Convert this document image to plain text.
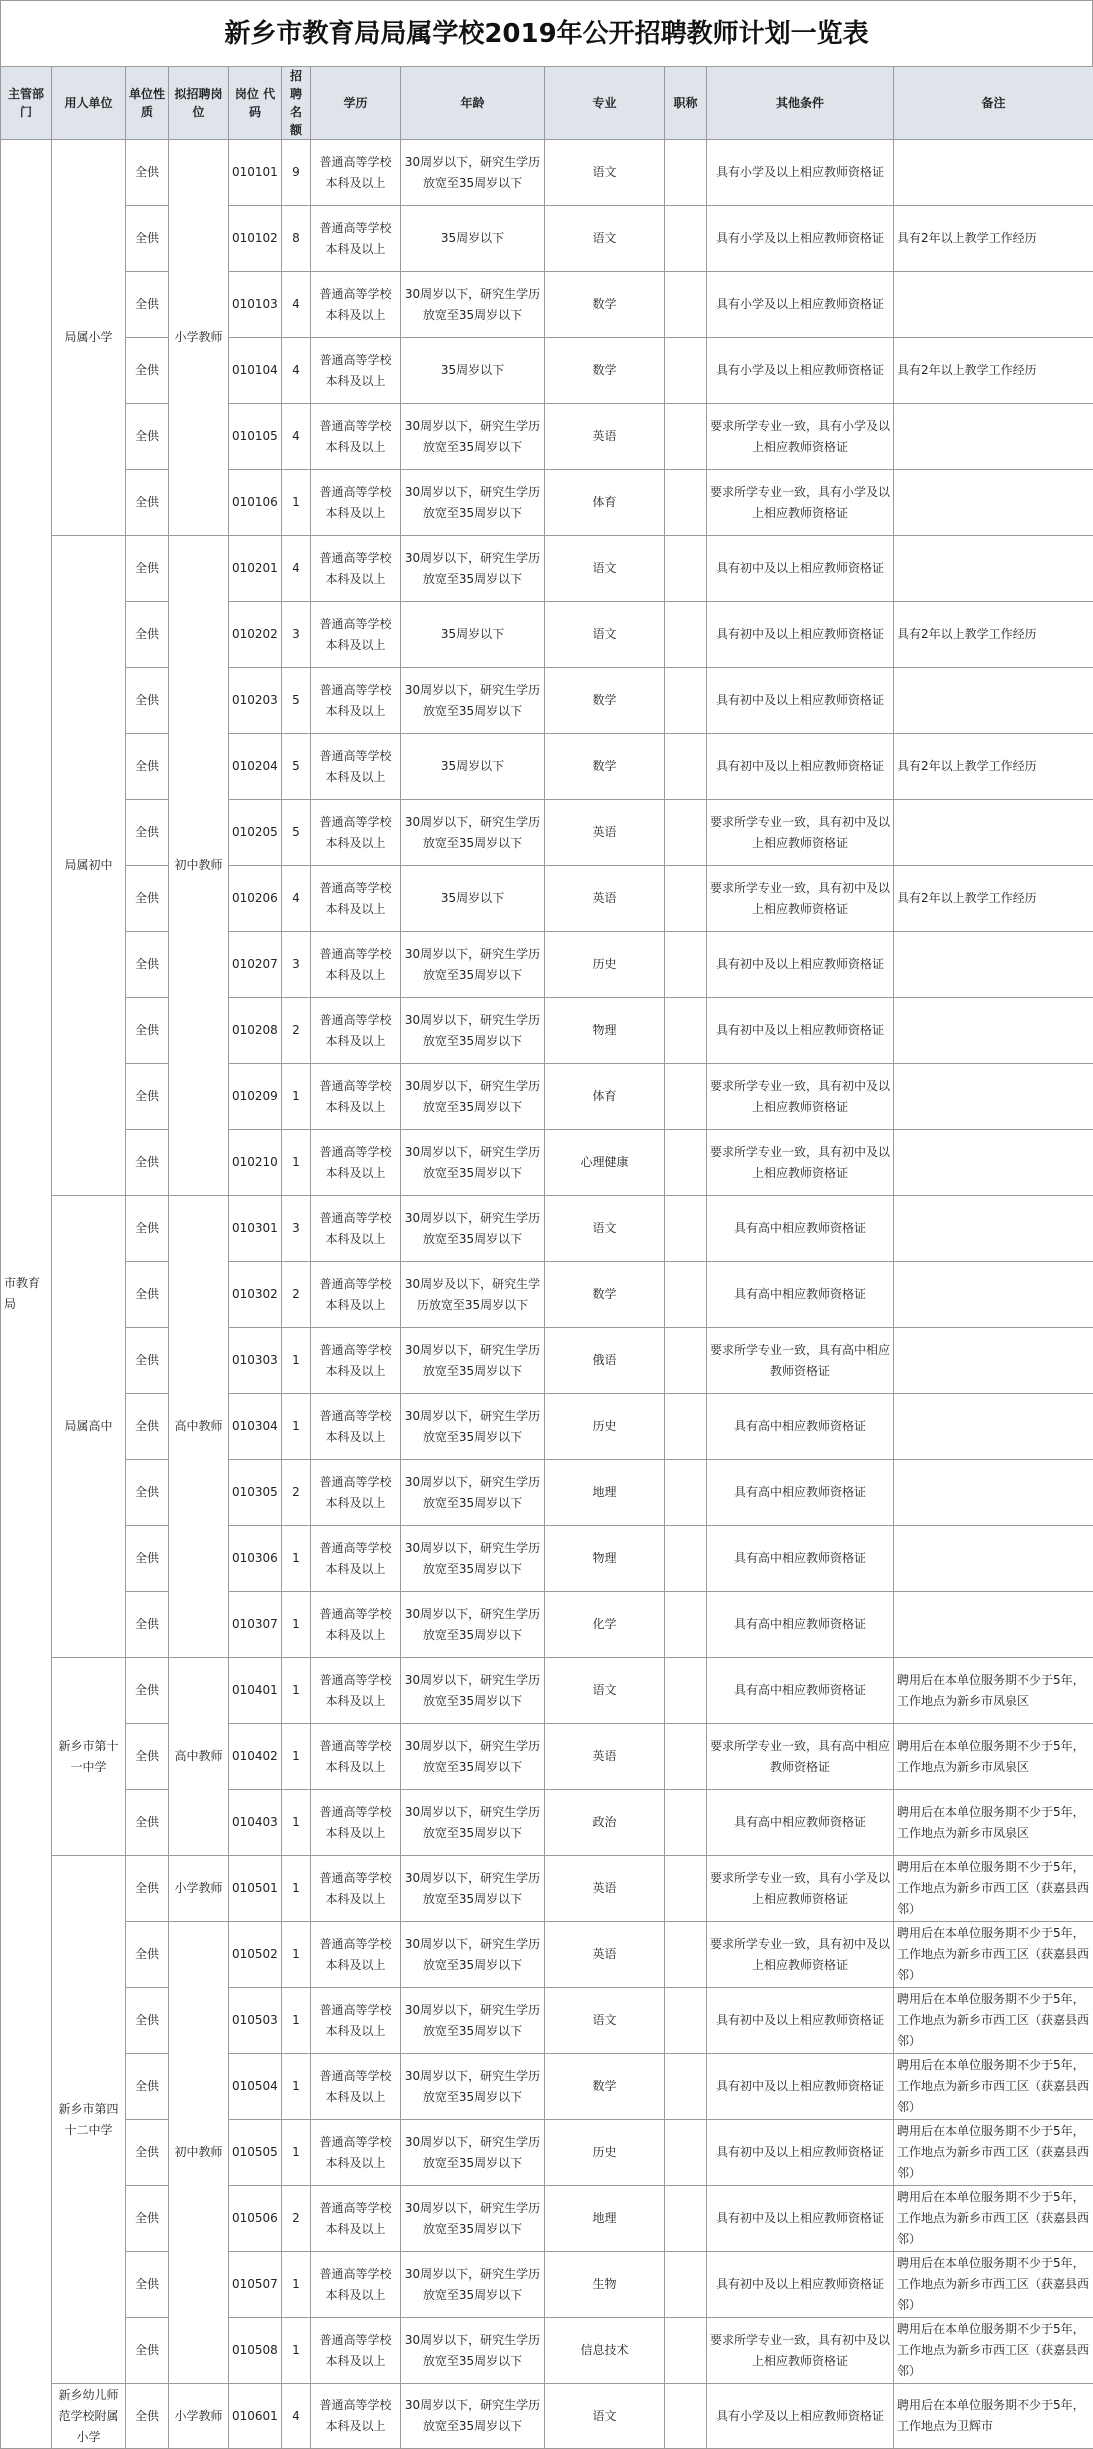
新乡市教育局局属学校2019年公开招聘教师计划一览表
主管部门	用人单位	单位性质	拟招聘岗位	岗位 代码	招聘名额	学历	年龄	专业	职称	其他条件	备注
市教育局	局属小学	全供	小学教师	010101	9	普通高等学校本科及以上	30周岁以下，研究生学历放宽至35周岁以下	语文		具有小学及以上相应教师资格证	
		全供		010102	8	普通高等学校本科及以上	35周岁以下	语文		具有小学及以上相应教师资格证	具有2年以上教学工作经历
		全供		010103	4	普通高等学校本科及以上	30周岁以下，研究生学历放宽至35周岁以下	数学		具有小学及以上相应教师资格证	
		全供		010104	4	普通高等学校本科及以上	35周岁以下	数学		具有小学及以上相应教师资格证	具有2年以上教学工作经历
		全供		010105	4	普通高等学校本科及以上	30周岁以下，研究生学历放宽至35周岁以下	英语		要求所学专业一致，具有小学及以上相应教师资格证	
		全供		010106	1	普通高等学校本科及以上	30周岁以下，研究生学历放宽至35周岁以下	体育		要求所学专业一致，具有小学及以上相应教师资格证	
	局属初中	全供	初中教师	010201	4	普通高等学校本科及以上	30周岁以下，研究生学历放宽至35周岁以下	语文		具有初中及以上相应教师资格证	
		全供		010202	3	普通高等学校本科及以上	35周岁以下	语文		具有初中及以上相应教师资格证	具有2年以上教学工作经历
		全供		010203	5	普通高等学校本科及以上	30周岁以下，研究生学历放宽至35周岁以下	数学		具有初中及以上相应教师资格证	
		全供		010204	5	普通高等学校本科及以上	35周岁以下	数学		具有初中及以上相应教师资格证	具有2年以上教学工作经历
		全供		010205	5	普通高等学校本科及以上	30周岁以下，研究生学历放宽至35周岁以下	英语		要求所学专业一致，具有初中及以上相应教师资格证	
		全供		010206	4	普通高等学校本科及以上	35周岁以下	英语		要求所学专业一致，具有初中及以上相应教师资格证	具有2年以上教学工作经历
		全供		010207	3	普通高等学校本科及以上	30周岁以下，研究生学历放宽至35周岁以下	历史		具有初中及以上相应教师资格证	
		全供		010208	2	普通高等学校本科及以上	30周岁以下，研究生学历放宽至35周岁以下	物理		具有初中及以上相应教师资格证	
		全供		010209	1	普通高等学校本科及以上	30周岁以下，研究生学历放宽至35周岁以下	体育		要求所学专业一致，具有初中及以上相应教师资格证	
		全供		010210	1	普通高等学校本科及以上	30周岁以下，研究生学历放宽至35周岁以下	心理健康		要求所学专业一致，具有初中及以上相应教师资格证	
	局属高中	全供	高中教师	010301	3	普通高等学校本科及以上	30周岁以下，研究生学历放宽至35周岁以下	语文		具有高中相应教师资格证	
		全供		010302	2	普通高等学校本科及以上	30周岁及以下，研究生学历放宽至35周岁以下	数学		具有高中相应教师资格证	
		全供		010303	1	普通高等学校本科及以上	30周岁以下，研究生学历放宽至35周岁以下	俄语		要求所学专业一致，具有高中相应教师资格证	
		全供		010304	1	普通高等学校本科及以上	30周岁以下，研究生学历放宽至35周岁以下	历史		具有高中相应教师资格证	
		全供		010305	2	普通高等学校本科及以上	30周岁以下，研究生学历放宽至35周岁以下	地理		具有高中相应教师资格证	
		全供		010306	1	普通高等学校本科及以上	30周岁以下，研究生学历放宽至35周岁以下	物理		具有高中相应教师资格证	
		全供		010307	1	普通高等学校本科及以上	30周岁以下，研究生学历放宽至35周岁以下	化学		具有高中相应教师资格证	
	新乡市第十一中学	全供	高中教师	010401	1	普通高等学校本科及以上	30周岁以下，研究生学历放宽至35周岁以下	语文		具有高中相应教师资格证	聘用后在本单位服务期不少于5年，工作地点为新乡市凤泉区
		全供		010402	1	普通高等学校本科及以上	30周岁以下，研究生学历放宽至35周岁以下	英语		要求所学专业一致，具有高中相应教师资格证	聘用后在本单位服务期不少于5年，工作地点为新乡市凤泉区
		全供		010403	1	普通高等学校本科及以上	30周岁以下，研究生学历放宽至35周岁以下	政治		具有高中相应教师资格证	聘用后在本单位服务期不少于5年，工作地点为新乡市凤泉区
	新乡市第四十二中学	全供	小学教师	010501	1	普通高等学校本科及以上	30周岁以下，研究生学历放宽至35周岁以下	英语		要求所学专业一致，具有小学及以上相应教师资格证	聘用后在本单位服务期不少于5年，工作地点为新乡市西工区（获嘉县西邻）
		全供	初中教师	010502	1	普通高等学校本科及以上	30周岁以下，研究生学历放宽至35周岁以下	英语		要求所学专业一致，具有初中及以上相应教师资格证	聘用后在本单位服务期不少于5年，工作地点为新乡市西工区（获嘉县西邻）
		全供		010503	1	普通高等学校本科及以上	30周岁以下，研究生学历放宽至35周岁以下	语文		具有初中及以上相应教师资格证	聘用后在本单位服务期不少于5年，工作地点为新乡市西工区（获嘉县西邻）
		全供		010504	1	普通高等学校本科及以上	30周岁以下，研究生学历放宽至35周岁以下	数学		具有初中及以上相应教师资格证	聘用后在本单位服务期不少于5年，工作地点为新乡市西工区（获嘉县西邻）
		全供		010505	1	普通高等学校本科及以上	30周岁以下，研究生学历放宽至35周岁以下	历史		具有初中及以上相应教师资格证	聘用后在本单位服务期不少于5年，工作地点为新乡市西工区（获嘉县西邻）
		全供		010506	2	普通高等学校本科及以上	30周岁以下，研究生学历放宽至35周岁以下	地理		具有初中及以上相应教师资格证	聘用后在本单位服务期不少于5年，工作地点为新乡市西工区（获嘉县西邻）
		全供		010507	1	普通高等学校本科及以上	30周岁以下，研究生学历放宽至35周岁以下	生物		具有初中及以上相应教师资格证	聘用后在本单位服务期不少于5年，工作地点为新乡市西工区（获嘉县西邻）
		全供		010508	1	普通高等学校本科及以上	30周岁以下，研究生学历放宽至35周岁以下	信息技术		要求所学专业一致，具有初中及以上相应教师资格证	聘用后在本单位服务期不少于5年，工作地点为新乡市西工区（获嘉县西邻）
	新乡幼儿师范学校附属小学	全供	小学教师	010601	4	普通高等学校本科及以上	30周岁以下，研究生学历放宽至35周岁以下	语文		具有小学及以上相应教师资格证	聘用后在本单位服务期不少于5年，工作地点为卫辉市
